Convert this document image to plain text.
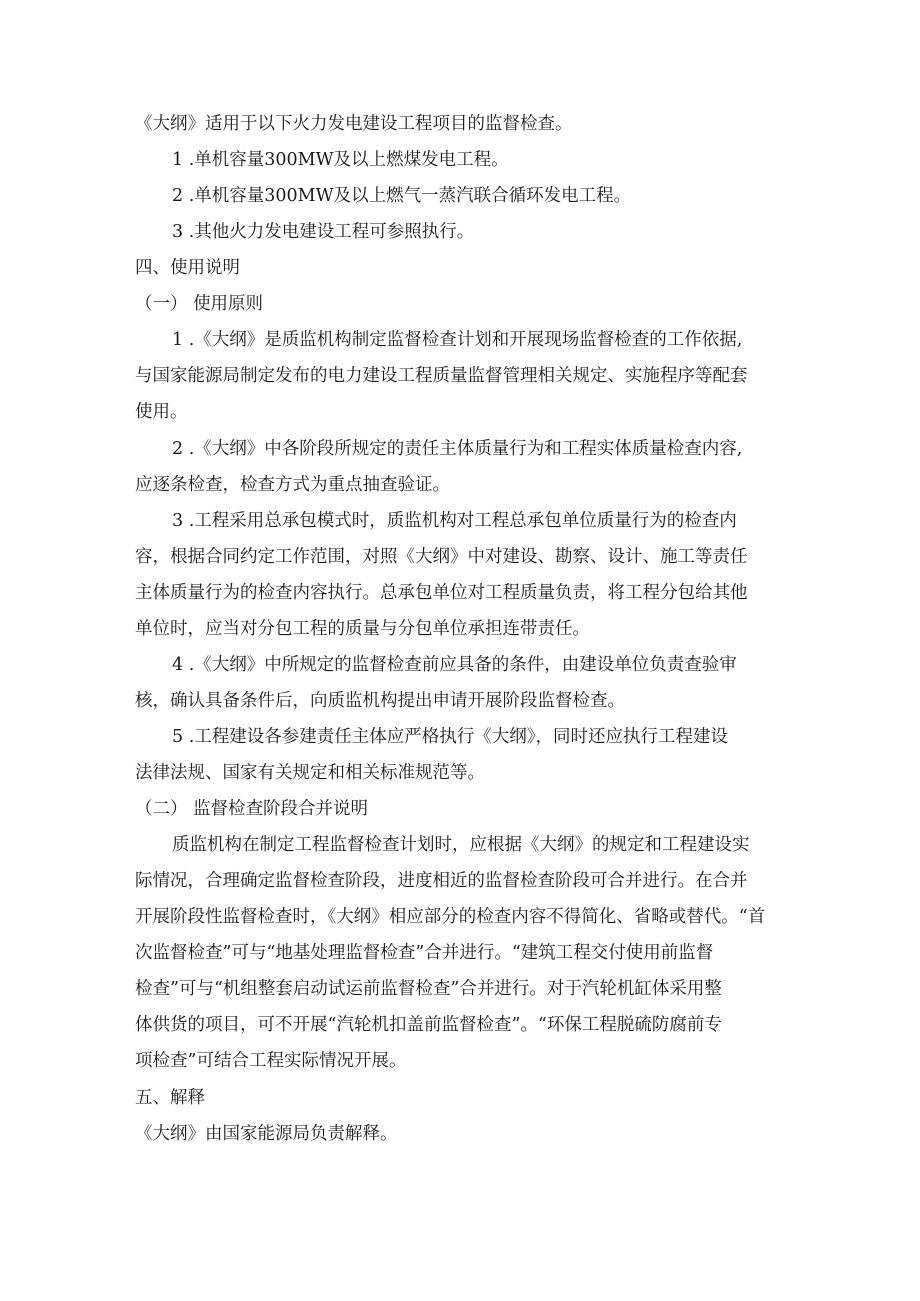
《大纲》适用于以下火力发电建设工程项目的监督检查。
1 .单机容量300MW及以上燃煤发电工程。
2 .单机容量300MW及以上燃气一蒸汽联合循环发电工程。
3 .其他火力发电建设工程可参照执行。
四、使用说明
（一） 使用原则
1 .《大纲》是质监机构制定监督检查计划和开展现场监督检查的工作依据,
与国家能源局制定发布的电力建设工程质量监督管理相关规定、实施程序等配套
使用。
2 .《大纲》中各阶段所规定的责任主体质量行为和工程实体质量检查内容,
应逐条检查，检查方式为重点抽查验证。
3 .工程采用总承包模式时，质监机构对工程总承包单位质量行为的检查内
容，根据合同约定工作范围，对照《大纲》中对建设、勘察、设计、施工等责任
主体质量行为的检查内容执行。总承包单位对工程质量负责，将工程分包给其他
单位时，应当对分包工程的质量与分包单位承担连带责任。
4 .《大纲》中所规定的监督检查前应具备的条件，由建设单位负责查验审
核，确认具备条件后，向质监机构提出申请开展阶段监督检查。
5 .工程建设各参建责任主体应严格执行《大纲》，同时还应执行工程建设
法律法规、国家有关规定和相关标准规范等。
（二） 监督检查阶段合并说明
质监机构在制定工程监督检查计划时，应根据《大纲》的规定和工程建设实
际情况，合理确定监督检查阶段，进度相近的监督检查阶段可合并进行。在合并
开展阶段性监督检查时，《大纲》相应部分的检查内容不得简化、省略或替代。“首
次监督检查”可与“地基处理监督检查”合并进行。“建筑工程交付使用前监督
检查”可与“机组整套启动试运前监督检查”合并进行。对于汽轮机缸体采用整
体供货的项目，可不开展“汽轮机扣盖前监督检查”。“环保工程脱硫防腐前专
项检查”可结合工程实际情况开展。
五、解释
《大纲》由国家能源局负责解释。
